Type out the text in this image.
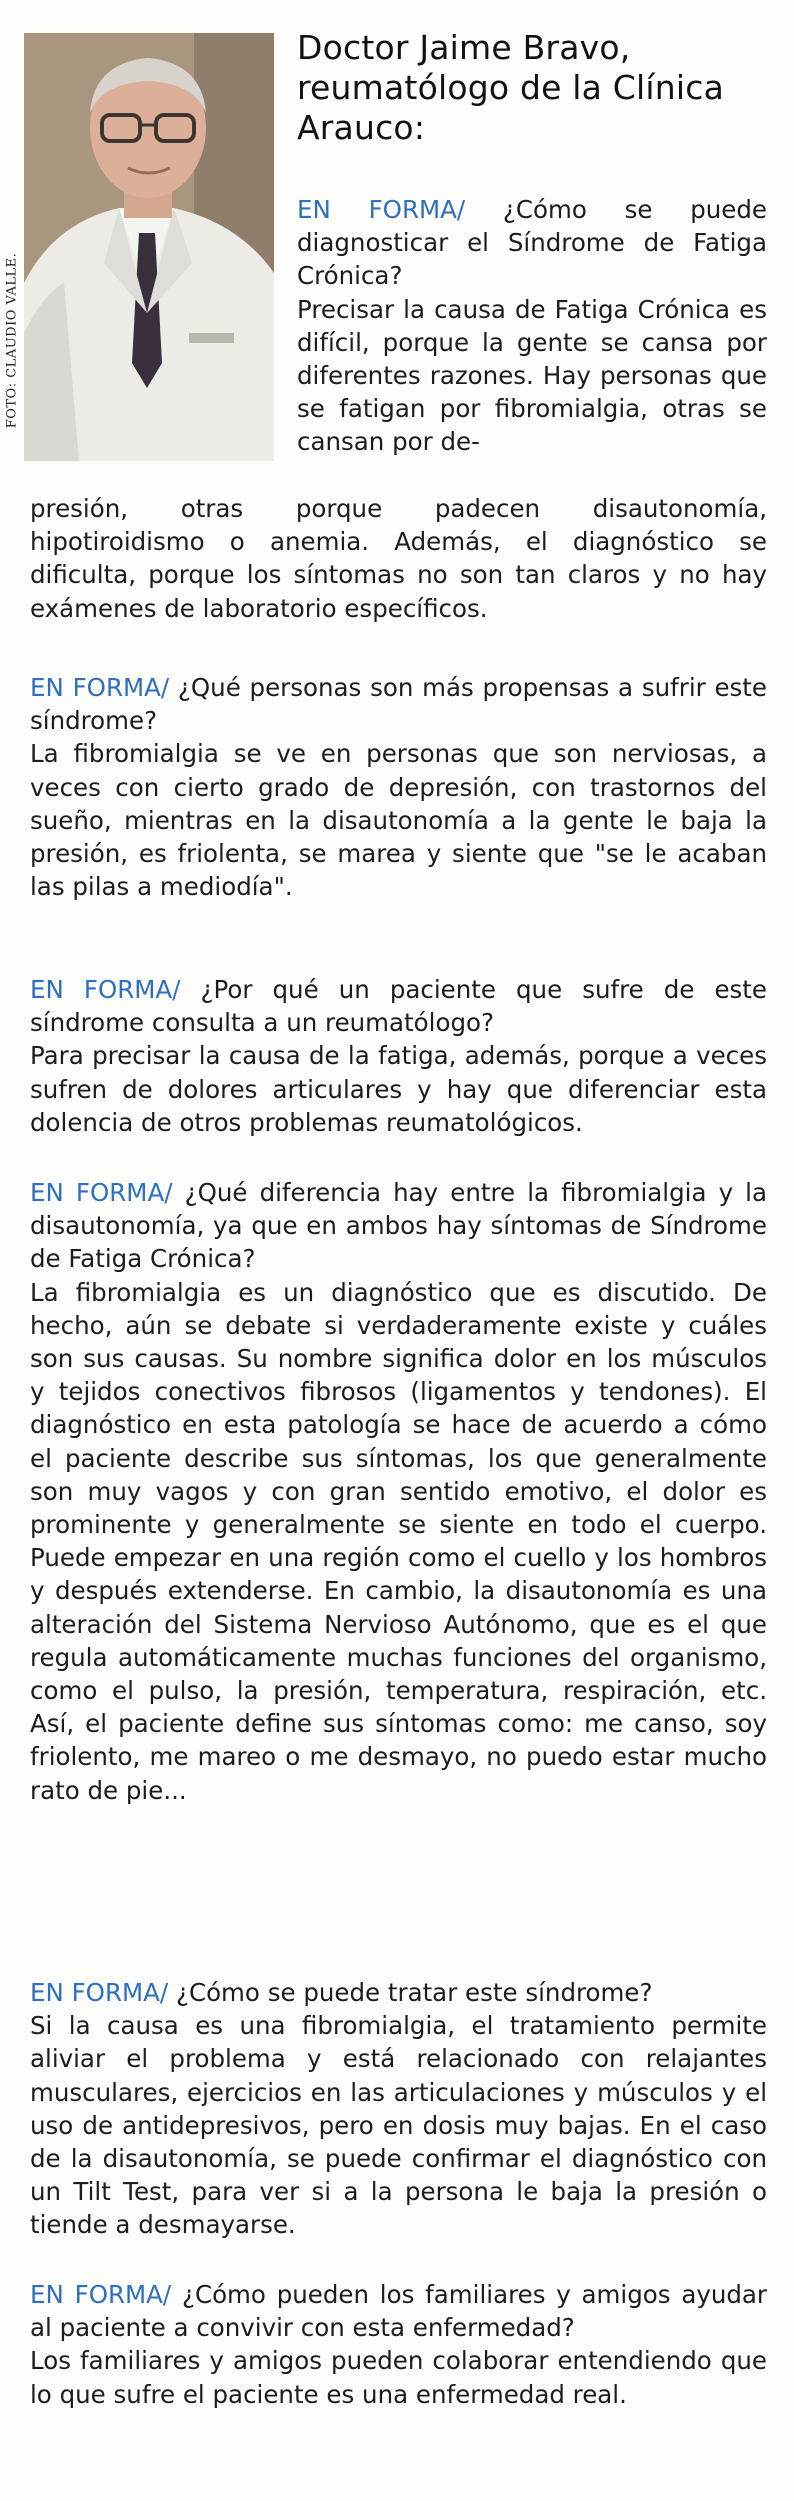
FOTO: CLAUDIO VALLE.
Doctor Jaime Bravo, reumatólogo de la Clínica Arauco:

EN FORMA/ ¿Cómo se puede diagnosticar el Síndrome de Fatiga Crónica?

Precisar la causa de Fatiga Crónica es difícil, porque la gente se cansa por diferentes razones. Hay personas que se fatigan por fibromialgia, otras se cansan por de-

presión, otras porque padecen disautonomía, hipotiroidismo o anemia. Además, el diagnóstico se dificulta, porque los síntomas no son tan claros y no hay exámenes de laboratorio específicos.

EN FORMA/ ¿Qué personas son más propensas a sufrir este síndrome?

La fibromialgia se ve en personas que son nerviosas, a veces con cierto grado de depresión, con trastornos del sueño, mientras en la disautonomía a la gente le baja la presión, es friolenta, se marea y siente que "se le acaban las pilas a mediodía".

EN FORMA/ ¿Por qué un paciente que sufre de este síndrome consulta a un reumatólogo?

Para precisar la causa de la fatiga, además, porque a veces sufren de dolores articulares y hay que diferenciar esta dolencia de otros problemas reumatológicos.

EN FORMA/ ¿Qué diferencia hay entre la fibromialgia y la disautonomía, ya que en ambos hay síntomas de Síndrome de Fatiga Crónica?

La fibromialgia es un diagnóstico que es discutido. De hecho, aún se debate si verdaderamente existe y cuáles son sus causas. Su nombre significa dolor en los músculos y tejidos conectivos fibrosos (ligamentos y tendones). El diagnóstico en esta patología se hace de acuerdo a cómo el paciente describe sus síntomas, los que generalmente son muy vagos y con gran sentido emotivo, el dolor es prominente y generalmente se siente en todo el cuerpo. Puede empezar en una región como el cuello y los hombros y después extenderse. En cambio, la disautonomía es una alteración del Sistema Nervioso Autónomo, que es el que regula automáticamente muchas funciones del organismo, como el pulso, la presión, temperatura, respiración, etc. Así, el paciente define sus síntomas como: me canso, soy friolento, me mareo o me desmayo, no puedo estar mucho rato de pie...

EN FORMA/ ¿Cómo se puede tratar este síndrome?

Si la causa es una fibromialgia, el tratamiento permite aliviar el problema y está relacionado con relajantes musculares, ejercicios en las articulaciones y músculos y el uso de antidepresivos, pero en dosis muy bajas. En el caso de la disautonomía, se puede confirmar el diagnóstico con un Tilt Test, para ver si a la persona le baja la presión o tiende a desmayarse.

EN FORMA/ ¿Cómo pueden los familiares y amigos ayudar al paciente a convivir con esta enfermedad?

Los familiares y amigos pueden colaborar entendiendo que lo que sufre el paciente es una enfermedad real.
